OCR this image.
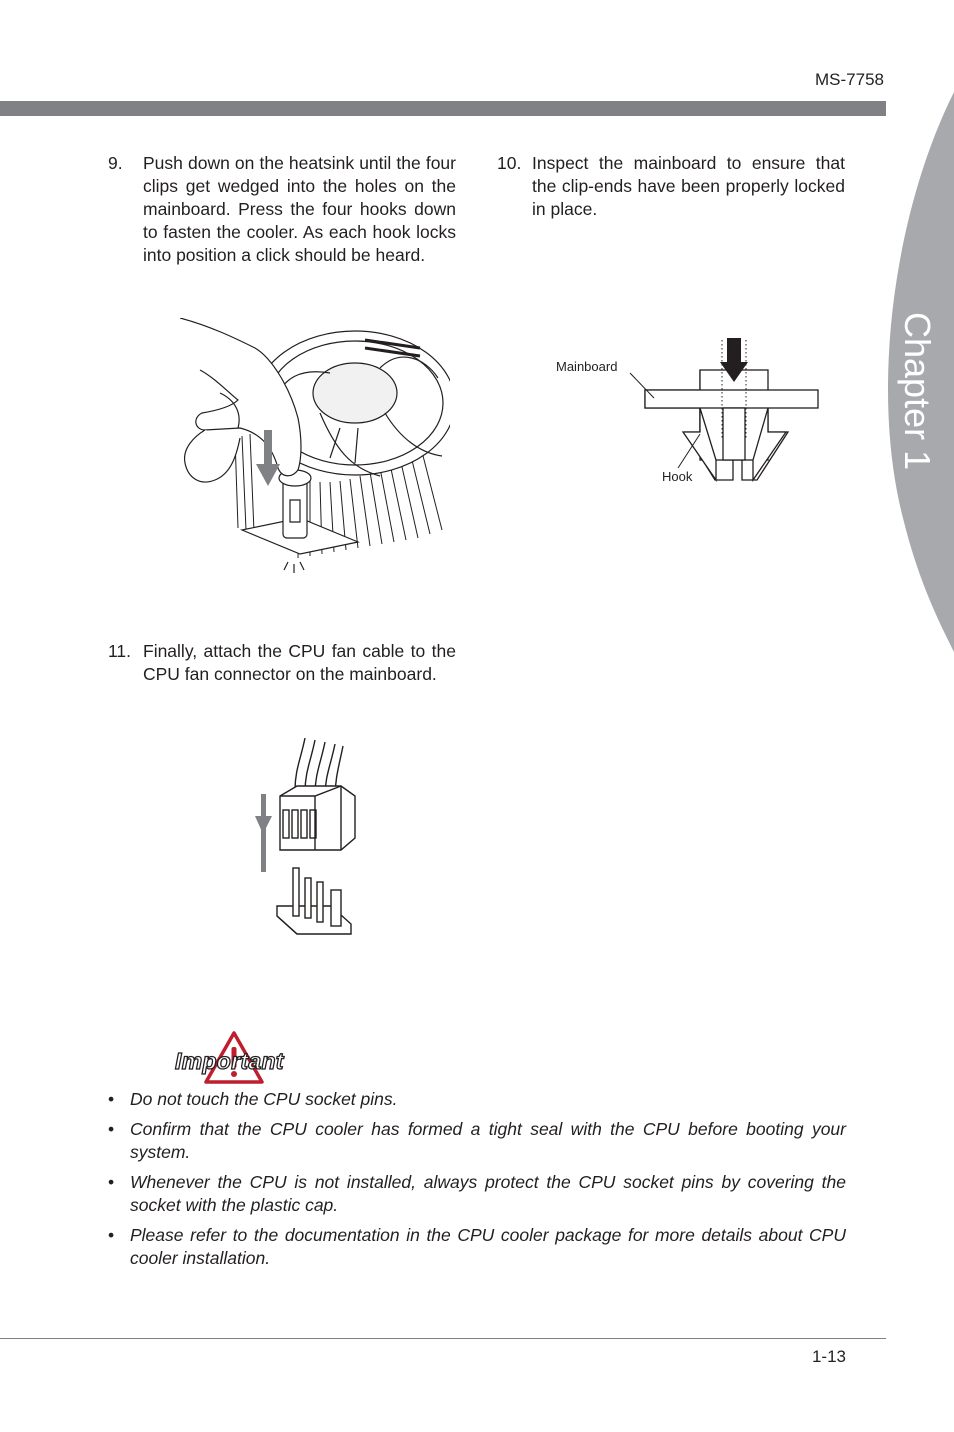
MS-7758
Chapter 1
9. Push down on the heatsink until the four clips get wedged into the holes on the mainboard. Press the four hooks down to fasten the cooler. As each hook locks into position a click should be heard.
10. Inspect the mainboard to ensure that the clip-ends have been properly locked in place.
11. Finally, attach the CPU fan cable to the CPU fan connector on the mainboard.
Mainboard
Hook
Important
• Do not touch the CPU socket pins.
• Confirm that the CPU cooler has formed a tight seal with the CPU before booting your system.
• Whenever the CPU is not installed, always protect the CPU socket pins by covering the socket with the plastic cap.
• Please refer to the documentation in the CPU cooler package for more details about CPU cooler installation.
1-13
